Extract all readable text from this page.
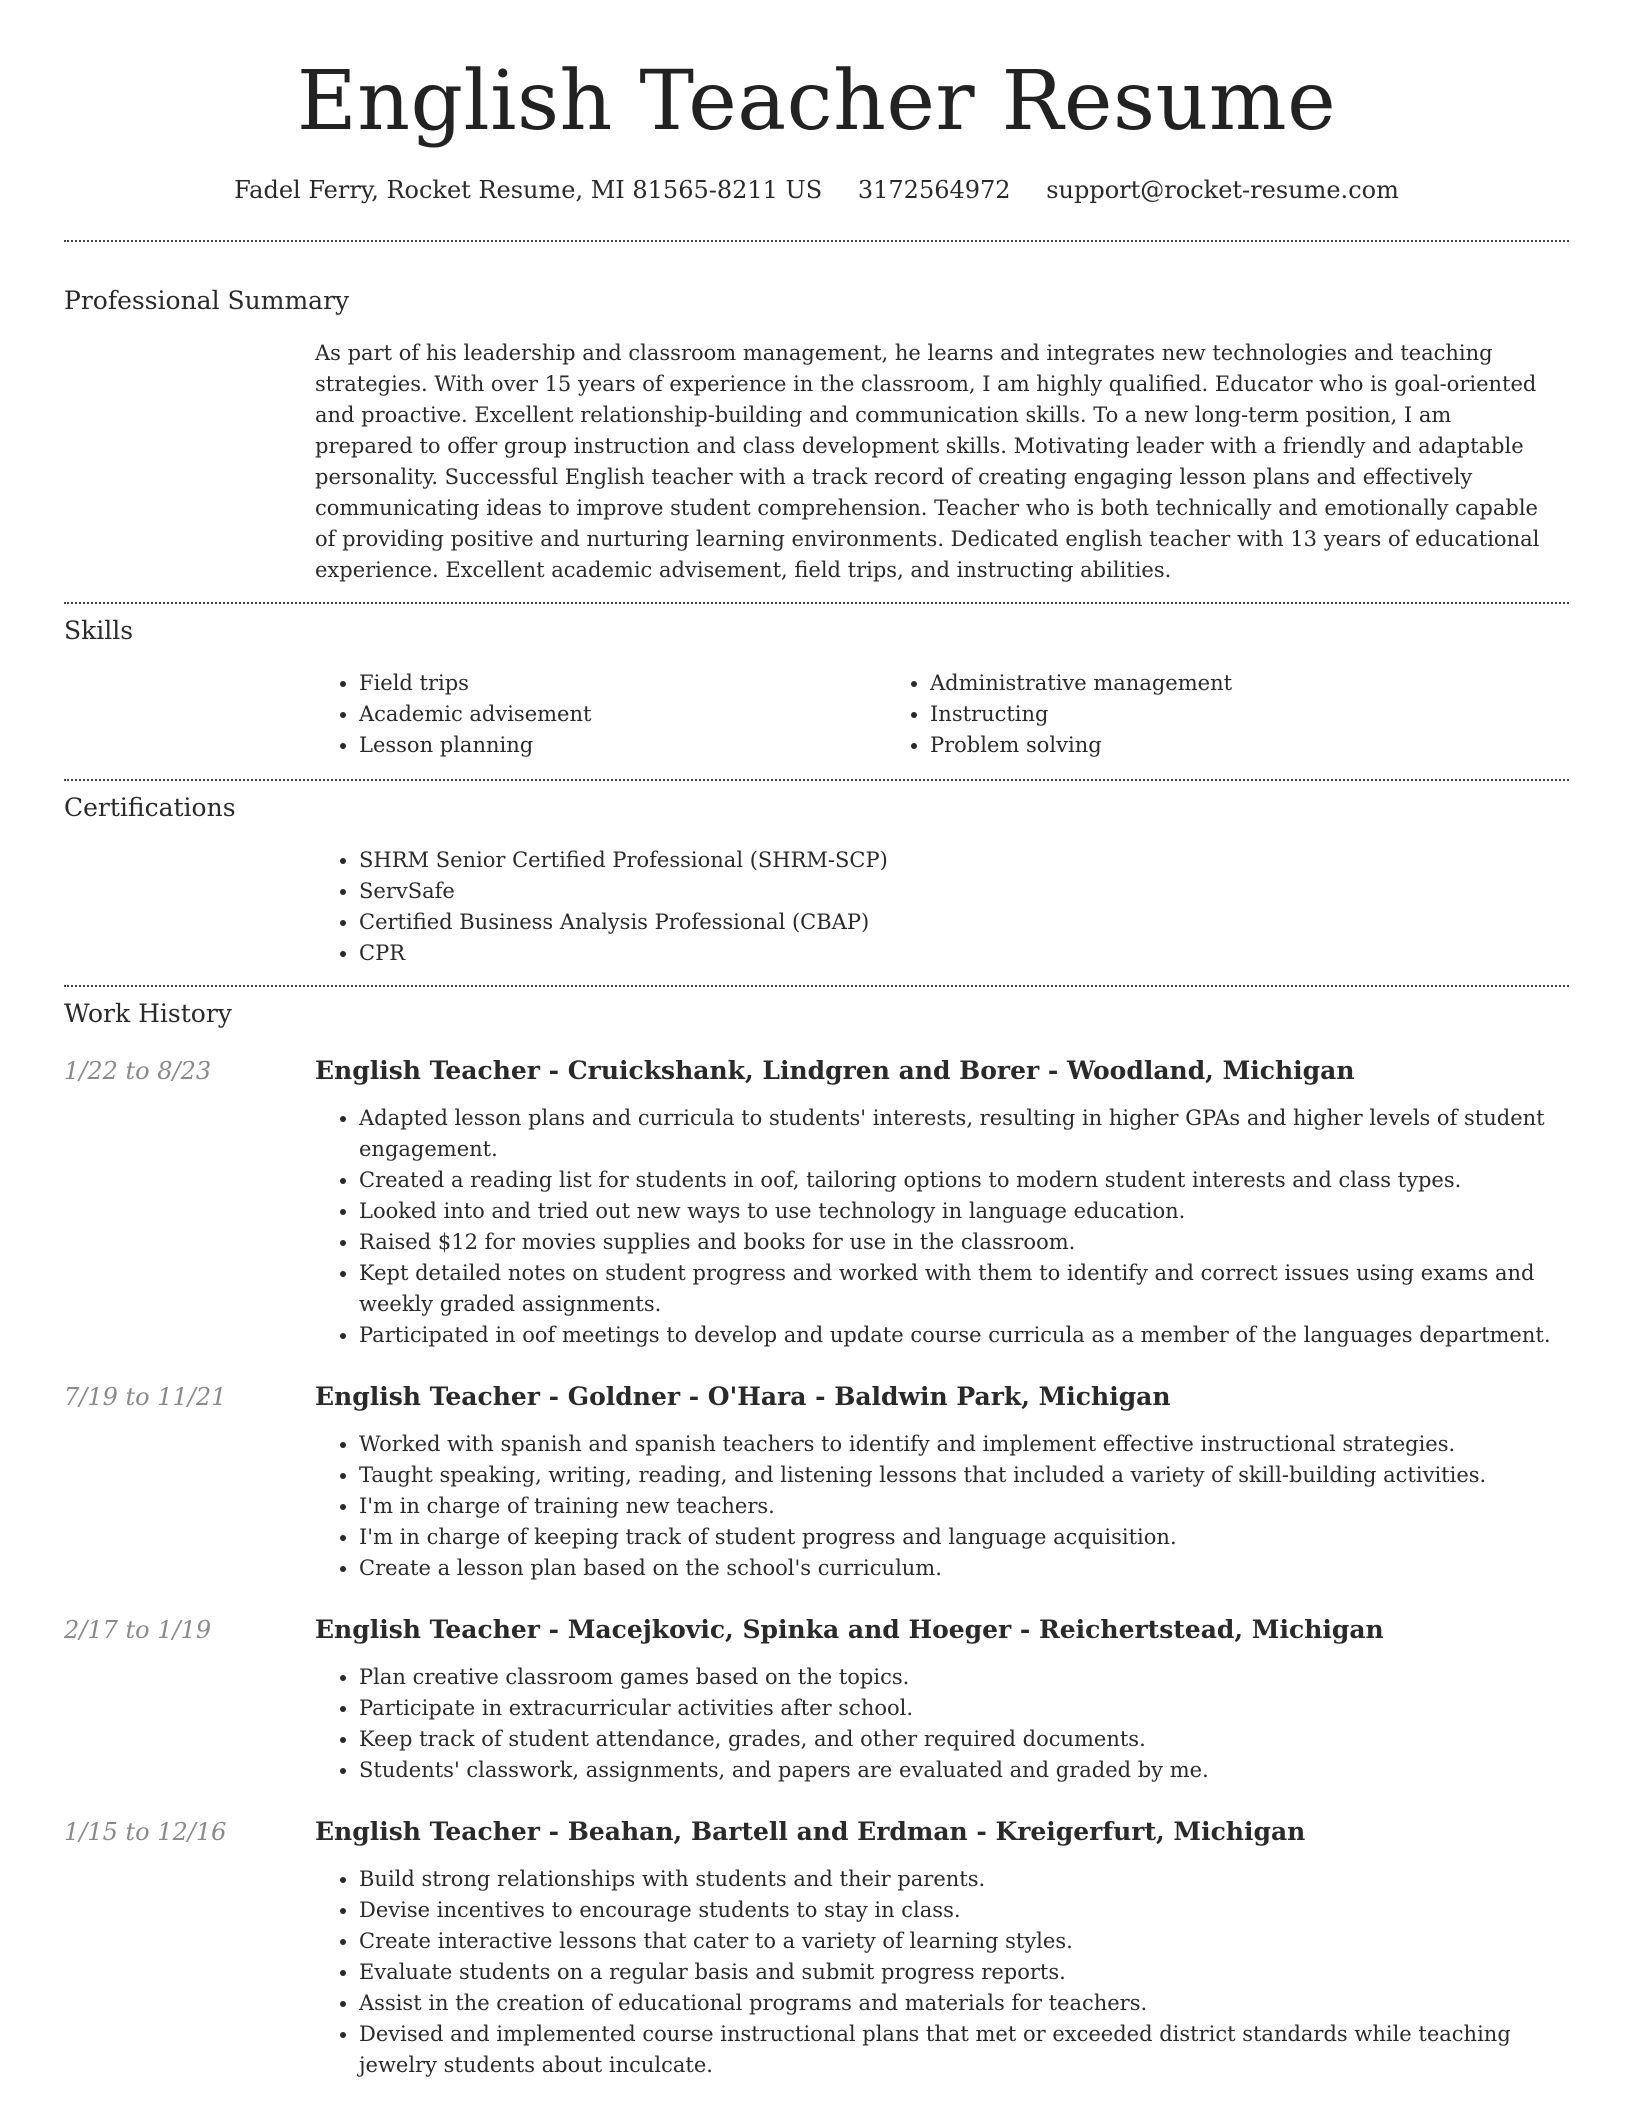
English Teacher Resume
Fadel Ferry, Rocket Resume, MI 81565-8211 US 3172564972 support@rocket-resume.com
Professional Summary

As part of his leadership and classroom management, he learns and integrates new technologies and teaching strategies. With over 15 years of experience in the classroom, I am highly qualified. Educator who is goal-oriented and proactive. Excellent relationship-building and communication skills. To a new long-term position, I am prepared to offer group instruction and class development skills. Motivating leader with a friendly and adaptable personality. Successful English teacher with a track record of creating engaging lesson plans and effectively communicating ideas to improve student comprehension. Teacher who is both technically and emotionally capable of providing positive and nurturing learning environments. Dedicated english teacher with 13 years of educational experience. Excellent academic advisement, field trips, and instructing abilities.

Skills
• Field trips
• Academic advisement
• Lesson planning
• Administrative management
• Instructing
• Problem solving
Certifications
• SHRM Senior Certified Professional (SHRM-SCP)
• ServSafe
• Certified Business Analysis Professional (CBAP)
• CPR
Work History
1/22 to 8/23	English Teacher - Cruickshank, Lindgren and Borer - Woodland, Michigan
• Adapted lesson plans and curricula to students' interests, resulting in higher GPAs and higher levels of student engagement.
• Created a reading list for students in oof, tailoring options to modern student interests and class types.
• Looked into and tried out new ways to use technology in language education.
• Raised $12 for movies supplies and books for use in the classroom.
• Kept detailed notes on student progress and worked with them to identify and correct issues using exams and weekly graded assignments.
• Participated in oof meetings to develop and update course curricula as a member of the languages department.
7/19 to 11/21	English Teacher - Goldner - O'Hara - Baldwin Park, Michigan
• Worked with spanish and spanish teachers to identify and implement effective instructional strategies.
• Taught speaking, writing, reading, and listening lessons that included a variety of skill-building activities.
• I'm in charge of training new teachers.
• I'm in charge of keeping track of student progress and language acquisition.
• Create a lesson plan based on the school's curriculum.
2/17 to 1/19	English Teacher - Macejkovic, Spinka and Hoeger - Reichertstead, Michigan
• Plan creative classroom games based on the topics.
• Participate in extracurricular activities after school.
• Keep track of student attendance, grades, and other required documents.
• Students' classwork, assignments, and papers are evaluated and graded by me.
1/15 to 12/16	English Teacher - Beahan, Bartell and Erdman - Kreigerfurt, Michigan
• Build strong relationships with students and their parents.
• Devise incentives to encourage students to stay in class.
• Create interactive lessons that cater to a variety of learning styles.
• Evaluate students on a regular basis and submit progress reports.
• Assist in the creation of educational programs and materials for teachers.
• Devised and implemented course instructional plans that met or exceeded district standards while teaching jewelry students about inculcate.
